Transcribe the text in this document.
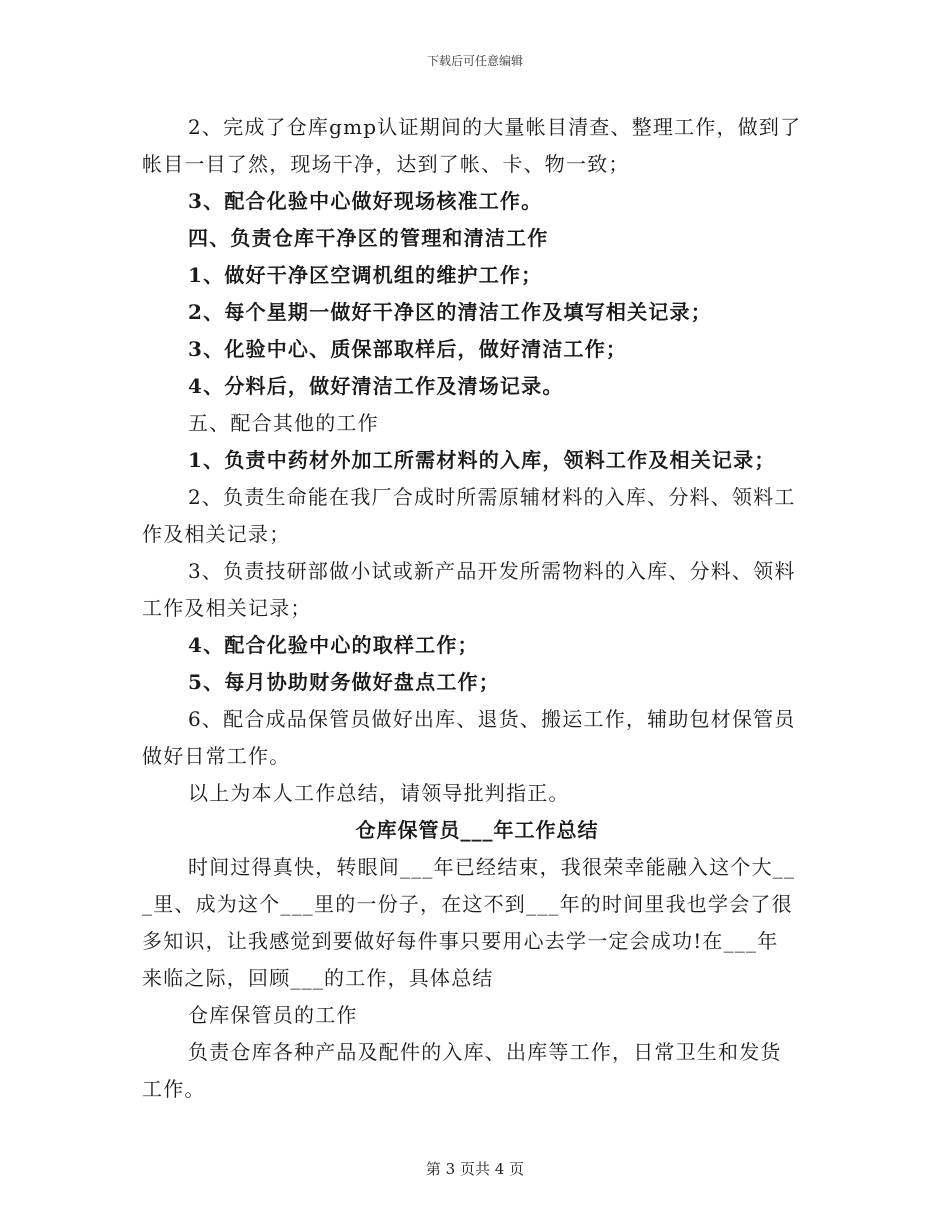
下载后可任意编辑
2、完成了仓库gmp认证期间的大量帐目清查、整理工作，做到了
帐目一目了然，现场干净，达到了帐、卡、物一致；
3、配合化验中心做好现场核准工作。
四、负责仓库干净区的管理和清洁工作
1、做好干净区空调机组的维护工作；
2、每个星期一做好干净区的清洁工作及填写相关记录；
3、化验中心、质保部取样后，做好清洁工作；
4、分料后，做好清洁工作及清场记录。
五、配合其他的工作
1、负责中药材外加工所需材料的入库，领料工作及相关记录；
2、负责生命能在我厂合成时所需原辅材料的入库、分料、领料工
作及相关记录；
3、负责技研部做小试或新产品开发所需物料的入库、分料、领料
工作及相关记录；
4、配合化验中心的取样工作；
5、每月协助财务做好盘点工作；
6、配合成品保管员做好出库、退货、搬运工作，辅助包材保管员
做好日常工作。
以上为本人工作总结，请领导批判指正。
仓库保管员___年工作总结
时间过得真快，转眼间___年已经结束，我很荣幸能融入这个大__
_里、成为这个___里的一份子，在这不到___年的时间里我也学会了很
多知识，让我感觉到要做好每件事只要用心去学一定会成功!在___年
来临之际，回顾___的工作，具体总结
仓库保管员的工作
负责仓库各种产品及配件的入库、出库等工作，日常卫生和发货
工作。
第 3 页共 4 页
